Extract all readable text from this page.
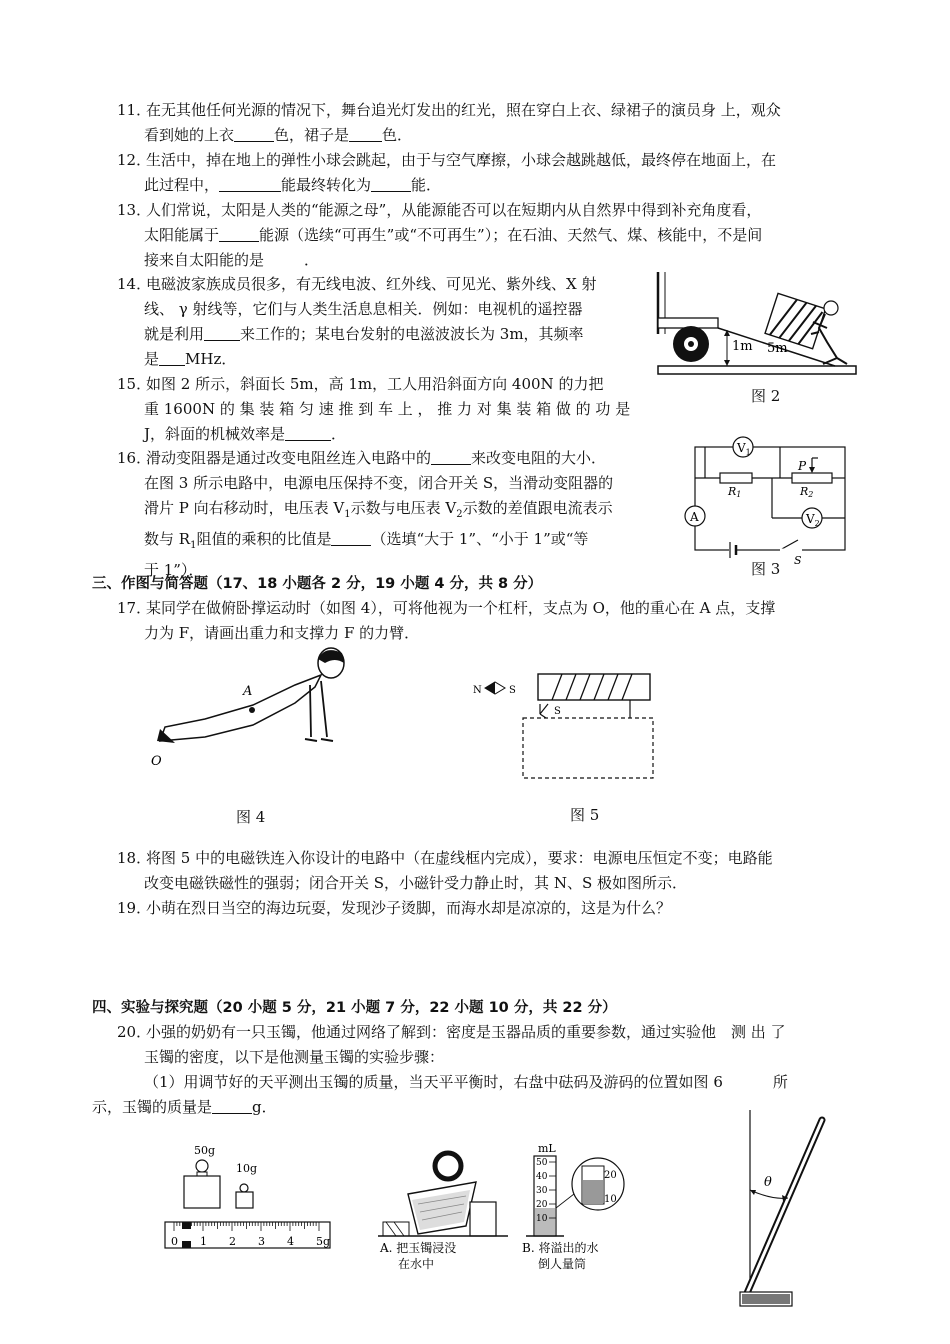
11．在无其他任何光源的情况下，舞台追光灯发出的红光，照在穿白上衣、绿裙子的演员身 上，观众
看到她的上衣	色，裙子是 色．
12．生活中，掉在地上的弹性小球会跳起，由于与空气摩擦，小球会越跳越低，最终停在地面上，在
此过程中，	能最终转化为	能．
13．人们常说，太阳是人类的“能源之母”，从能源能否可以在短期内从自然界中得到补充角度看，
太阳能属于	能源（选续“可再生”或“不可再生”）；在石油、天然气、煤、核能中，不是间
接来自太阳能的是	．
14．电磁波家族成员很多，有无线电波、红外线、可见光、紫外线、X 射
线、 γ 射线等，它们与人类生活息息相关．例如：电视机的遥控器
就是利用 来工作的；某电台发射的电滋波波长为 3m，其频率
是 MHz．
15．如图 2 所示，斜面长 5m，高 1m，工人用沿斜面方向 400N 的力把
重 1600N 的 集 装 箱 匀 速 推 到 车 上 ， 推 力 对 集 装 箱 做 的 功 是
J，斜面的机械效率是	．
16．滑动变阻器是通过改变电阻丝连入电路中的	来改变电阻的大小．
在图 3 所示电路中，电源电压保持不变，闭合开关 S，当滑动变阻器的
滑片 P 向右移动时，电压表 $V_1$示数与电压表 $V_2$示数的差值跟电流表示
数与 $R_1$阻值的乘积的比值是	（选填“大于 1”、“小于 1”或“等
于 1”）．
三、作图与简答题（17、18 小题各 2 分，19 小题 4 分，共 8 分）
17．某同学在做俯卧撑运动时（如图 4），可将他视为一个杠杆，支点为 O，他的重心在 A 点，支撑
力为 F，请画出重力和支撑力 F 的力臂．
18．将图 5 中的电磁铁连入你设计的电路中（在虚线框内完成），要求：电源电压恒定不变；电路能
改变电磁铁磁性的强弱；闭合开关 S，小磁针受力静止时，其 N、S 极如图所示．
19．小萌在烈日当空的海边玩耍，发现沙子烫脚，而海水却是凉凉的，这是为什么？
四、实验与探究题（20 小题 5 分，21 小题 7 分，22 小题 10 分，共 22 分）
20．小强的奶奶有一只玉镯，他通过网络了解到：密度是玉器品质的重要参数，通过实验他　测 出 了
玉镯的密度，以下是他测量玉镯的实验步骤：
（1）用调节好的天平测出玉镯的质量，当天平平衡时，右盘中砝码及游码的位置如图 6	所
示，玉镯的质量是	g．
1m 5m
图 2
$V_1$
R1	R2
P
$V_2$
A
S
图 3
A
O
图 4
N	S
S
图 5
50g
10g
0 1 2 3 4 5g	A. 把玉镯浸没
在水中
mL
50
40
30
20
10
20
10
B. 将溢出的水
倒人量筒
θ
